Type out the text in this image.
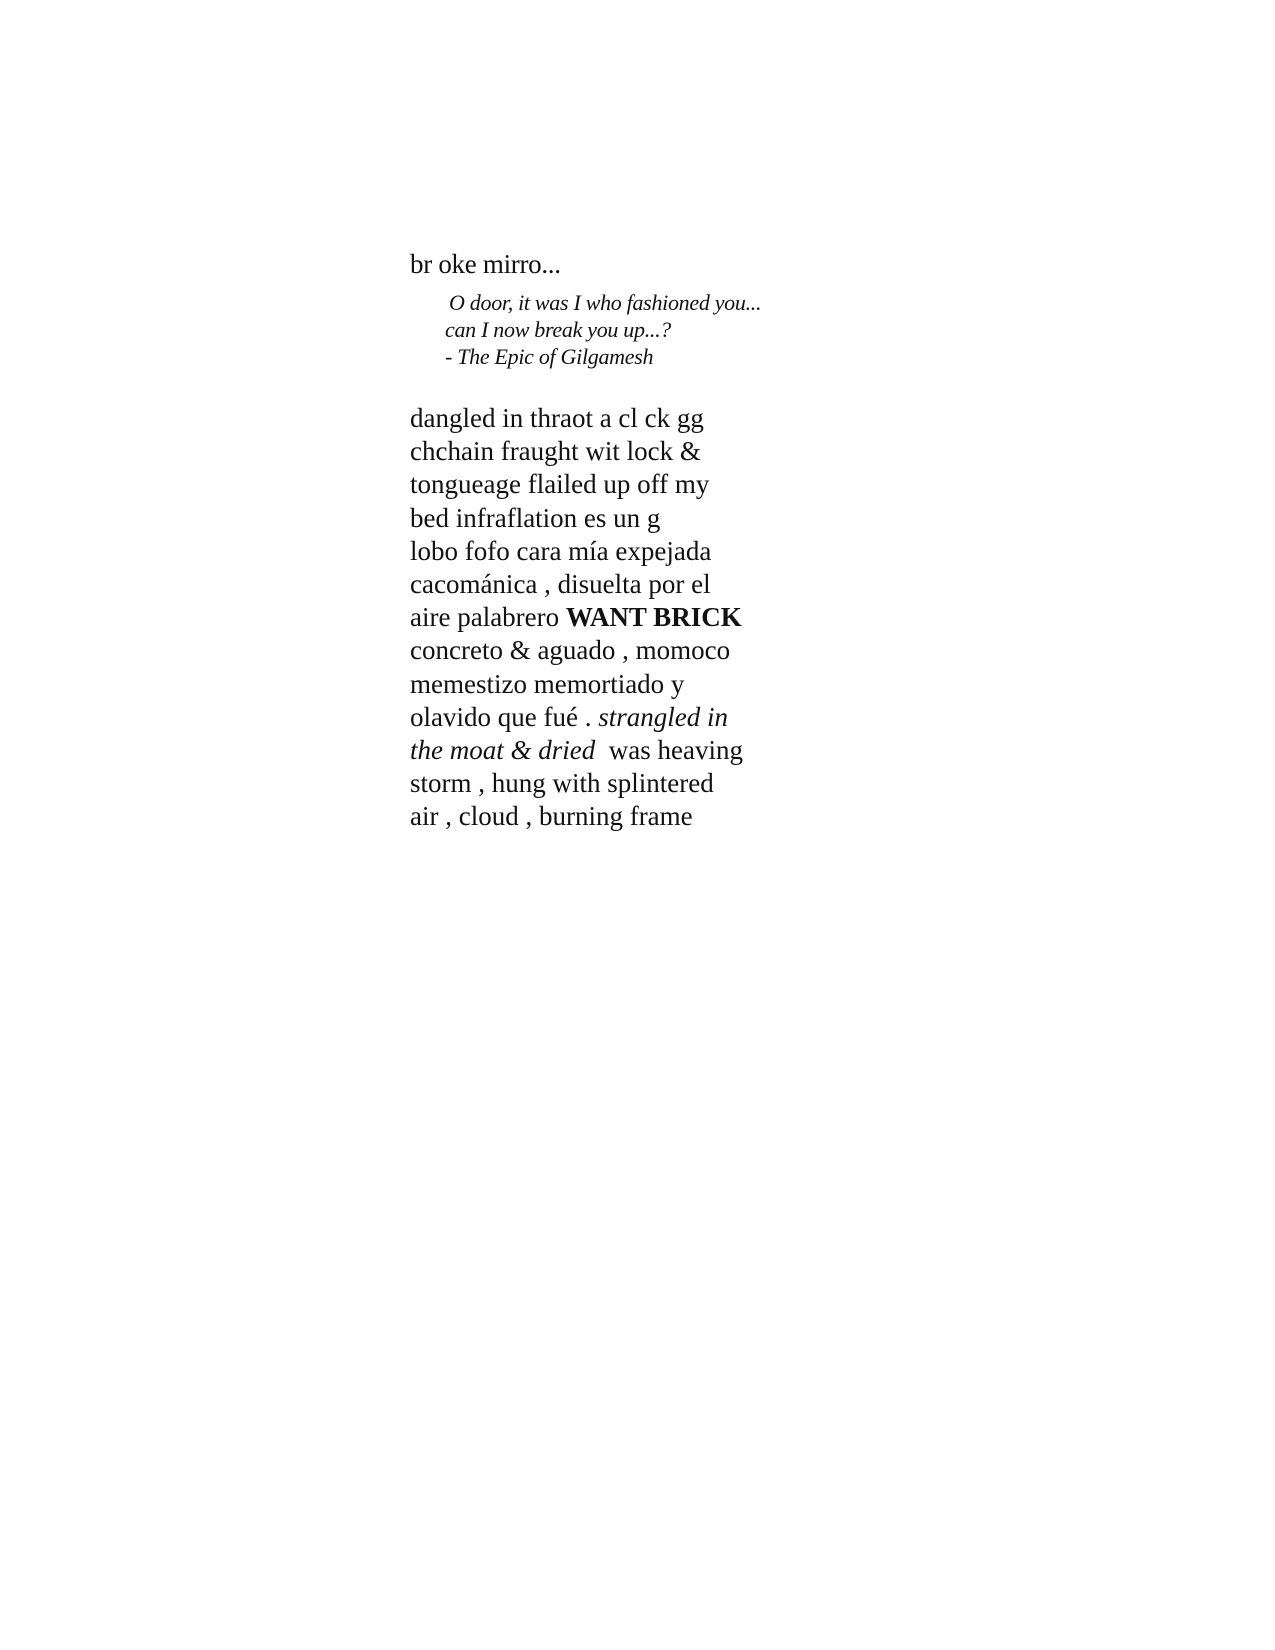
br oke mirro...
O door, it was I who fashioned you...
can I now break you up...?
- The Epic of Gilgamesh
dangled in thraot a cl ck gg
chchain fraught wit lock &
tongueage flailed up off my
bed infraflation es un g
lobo fofo cara mía expejada
cacománica , disuelta por el
aire palabrero WANT BRICK
concreto & aguado , momoco
memestizo memortiado y
olavido que fué . strangled in
the moat & dried  was heaving
storm , hung with splintered
air , cloud , burning frame
